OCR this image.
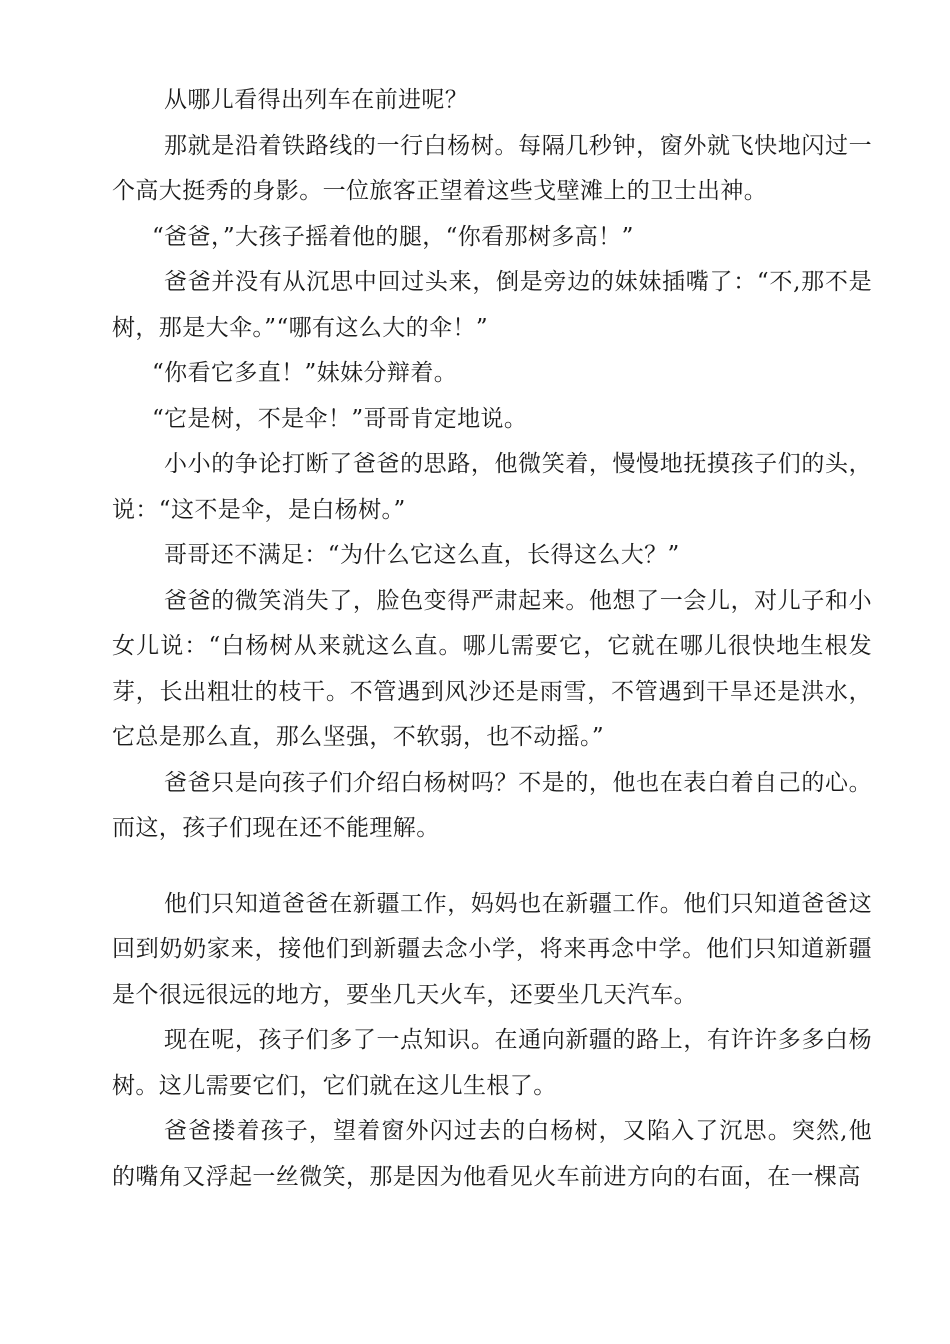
从哪儿看得出列车在前进呢？

那就是沿着铁路线的一行白杨树。每隔几秒钟，窗外就飞快地闪过一个高大挺秀的身影。一位旅客正望着这些戈壁滩上的卫士出神。

“爸爸，”大孩子摇着他的腿，“你看那树多高！”

爸爸并没有从沉思中回过头来，倒是旁边的妹妹插嘴了：“不,那不是树，那是大伞。”“哪有这么大的伞！”

“你看它多直！”妹妹分辩着。

“它是树，不是伞！”哥哥肯定地说。

小小的争论打断了爸爸的思路，他微笑着，慢慢地抚摸孩子们的头，说：“这不是伞，是白杨树。”

哥哥还不满足：“为什么它这么直，长得这么大？”

爸爸的微笑消失了，脸色变得严肃起来。他想了一会儿，对儿子和小女儿说：“白杨树从来就这么直。哪儿需要它，它就在哪儿很快地生根发芽，长出粗壮的枝干。不管遇到风沙还是雨雪，不管遇到干旱还是洪水，它总是那么直，那么坚强，不软弱，也不动摇。”

爸爸只是向孩子们介绍白杨树吗？不是的，他也在表白着自己的心。而这，孩子们现在还不能理解。

他们只知道爸爸在新疆工作，妈妈也在新疆工作。他们只知道爸爸这回到奶奶家来，接他们到新疆去念小学，将来再念中学。他们只知道新疆是个很远很远的地方，要坐几天火车，还要坐几天汽车。

现在呢，孩子们多了一点知识。在通向新疆的路上，有许许多多白杨树。这儿需要它们，它们就在这儿生根了。

爸爸搂着孩子，望着窗外闪过去的白杨树，又陷入了沉思。突然,他的嘴角又浮起一丝微笑，那是因为他看见火车前进方向的右面，在一棵高
